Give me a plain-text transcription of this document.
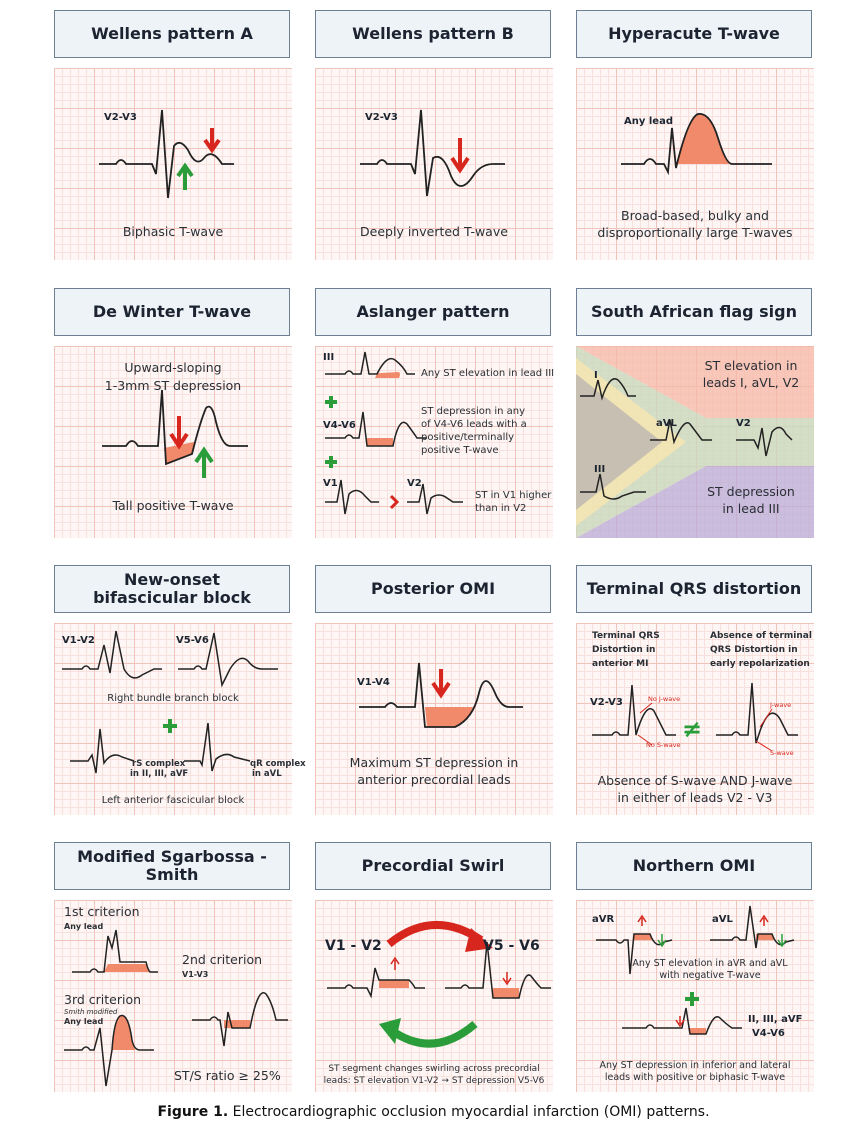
Wellens pattern A
V2-V3
Biphasic T-wave
Wellens pattern B
V2-V3
Deeply inverted T-wave
Hyperacute T-wave
Any lead
Broad-based, bulky and
disproportionally large T-waves
De Winter T-wave
Upward-sloping
1-3mm ST depression
Tall positive T-wave
Aslanger pattern
III
Any ST elevation in lead III
V4-V6
ST depression in any
of V4-V6 leads with a
positive/terminally
positive T-wave
V1	V2
ST in V1 higher
than in V2
South African flag sign
I
aVL	V2
III
ST elevation in
leads I, aVL, V2
ST depression
in lead III
New-onset
bifascicular block
V1-V2	V5-V6
Right bundle branch block
rS complex
in II, III, aVF
qR complex
in aVL
Left anterior fascicular block
Posterior OMI
V1-V4
Maximum ST depression in
anterior precordial leads
Terminal QRS distortion
Terminal QRS
Distortion in
anterior MI
Absence of terminal
QRS Distortion in
early repolarization
V2-V3	No J-wave
No S-wave
J-wave
S-wave
≠
Absence of S-wave AND J-wave
in either of leads V2 - V3
Modified Sgarbossa - Smith
1st criterion
Any lead
2nd criterion
V1-V3
3rd criterion
Smith modified
Any lead
ST/S ratio ≥ 25%
Precordial Swirl
V1 - V2	V5 - V6
ST segment changes swirling across precordial
leads: ST elevation V1-V2 → ST depression V5-V6
Northern OMI
aVR	aVL
Any ST elevation in aVR and aVL
with negative T-wave
II, III, aVF
V4-V6
Any ST depression in inferior and lateral
leads with positive or biphasic T-wave
Figure 1. Electrocardiographic occlusion myocardial infarction (OMI) patterns.
